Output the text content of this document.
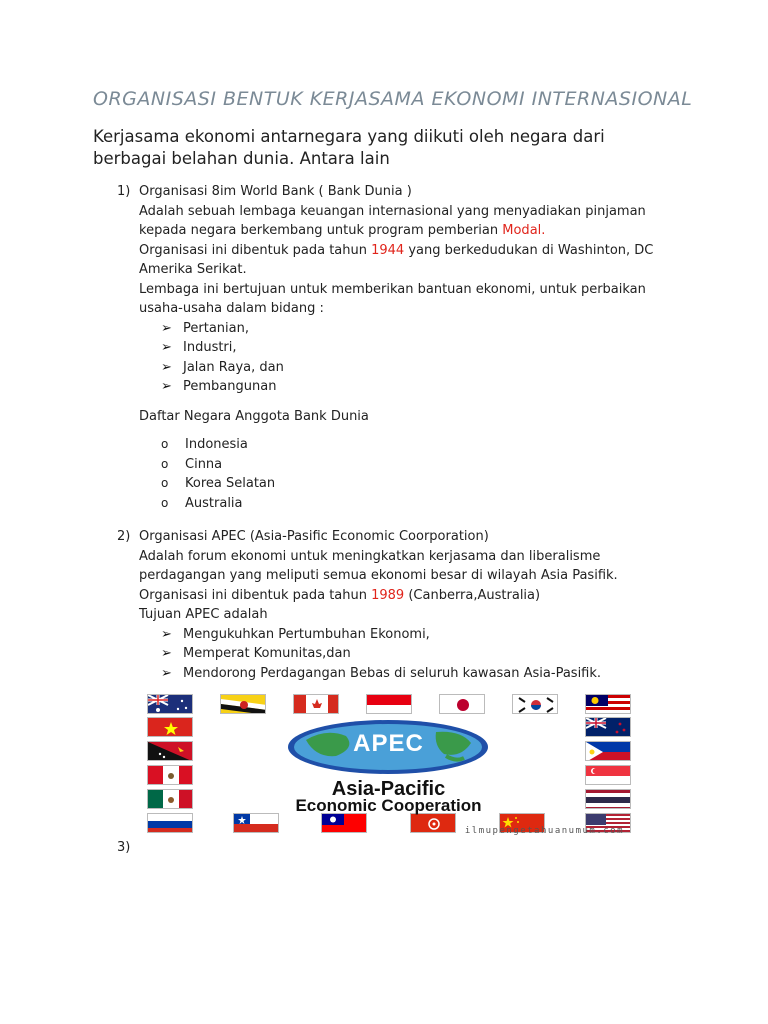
ORGANISASI BENTUK KERJASAMA EKONOMI INTERNASIONAL
Kerjasama ekonomi antarnegara yang diikuti oleh negara dari berbagai belahan dunia. Antara lain
1) Organisasi 8im World Bank ( Bank Dunia )
Adalah sebuah lembaga keuangan internasional yang menyadiakan pinjaman kepada negara berkembang untuk program pemberian Modal.
Organisasi ini dibentuk pada tahun 1944 yang berkedudukan di Washinton, DC Amerika Serikat.
Lembaga ini bertujuan untuk memberikan bantuan ekonomi, untuk perbaikan usaha-usaha dalam bidang :
➢ Pertanian,
➢ Industri,
➢ Jalan Raya, dan
➢ Pembangunan
Daftar Negara Anggota Bank Dunia
o Indonesia
o Cinna
o Korea Selatan
o Australia
2) Organisasi APEC (Asia-Pasific Economic Coorporation)
Adalah forum ekonomi untuk meningkatkan kerjasama dan liberalisme perdagangan yang meliputi semua ekonomi besar di wilayah Asia Pasifik.
Organisasi ini dibentuk pada tahun 1989 (Canberra,Australia)
Tujuan APEC adalah
➢ Mengukuhkan Pertumbuhan Ekonomi,
➢ Memperat Komunitas,dan
➢ Mendorong Perdagangan Bebas di seluruh kawasan Asia-Pasifik.
APEC
Asia-Pacific
Economic Cooperation
ilmupengetahuanumum.com
3)
